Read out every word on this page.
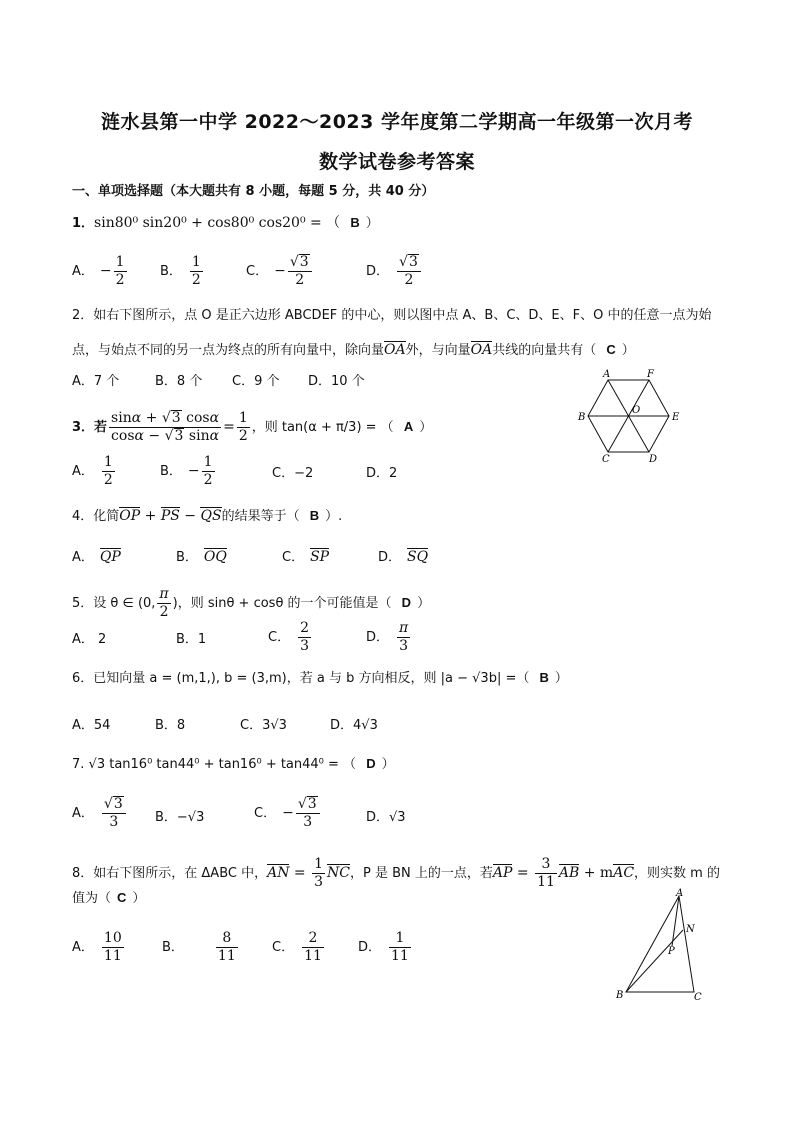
涟水县第一中学 2022～2023 学年度第二学期高一年级第一次月考
数学试卷参考答案
一、单项选择题（本大题共有 8 小题，每题 5 分，共 40 分）
1．sin80⁰ sin20⁰ + cos80⁰ cos20⁰ = （ B ）
A． − $\frac{1}{2}$	B． $\frac{1}{2}$	C． − $\frac{√3}{2}$	D． $\frac{√3}{2}$
2．如右下图所示，点 O 是正六边形 ABCDEF 的中心，则以图中点 A、B、C、D、E、F、O 中的任意一点为始
点，与始点不同的另一点为终点的所有向量中，除向量OA外，与向量OA共线的向量共有（ C ）
A．7 个	B．8 个 C．9 个 D．10 个	A	F
B	E
O
C	D
3．若 $\frac{\sin\alpha + √3 \cos\alpha}{\cos\alpha - √3 \sin\alpha} = \frac{1}{2}$ ，则 tan(α + π/3) = （ A ）
A． $\frac{1}{2}$	B． − $\frac{1}{2}$	C．−2	D．2
4．化简OP + PS − QS的结果等于（ B ）.
A． QP	B． OQ	C． SP	D． SQ
5．设 θ ∈ (0, $\frac{\pi}{2}$ )，则 sinθ + cosθ 的一个可能值是（ D ）
A． 2	B．1	C． $\frac{2}{3}$	D． $\frac{\pi}{3}$
6．已知向量 a = (m,1,), b = (3,m)，若 a 与 b 方向相反，则 |a − √3b| =（ B ）
A．54	B．8	C．3√3	D．4√3
7. √3 tan16⁰ tan44⁰ + tan16⁰ + tan44⁰ = （ D ）
A． $\frac{√3}{3}$ B．−√3	C． − $\frac{√3}{3}$	D．√3
8．如右下图所示，在 ΔABC 中，AN = $\frac{1}{3}$ NC，P 是 BN 上的一点，若AP = $\frac{3}{11}$ AB + mAC，则实数 m 的
值为（ C ）
A． $\frac{10}{11}$	B． $\frac{8}{11}$	C． $\frac{2}{11}$	D． $\frac{1}{11}$
A
N
P
B	C
